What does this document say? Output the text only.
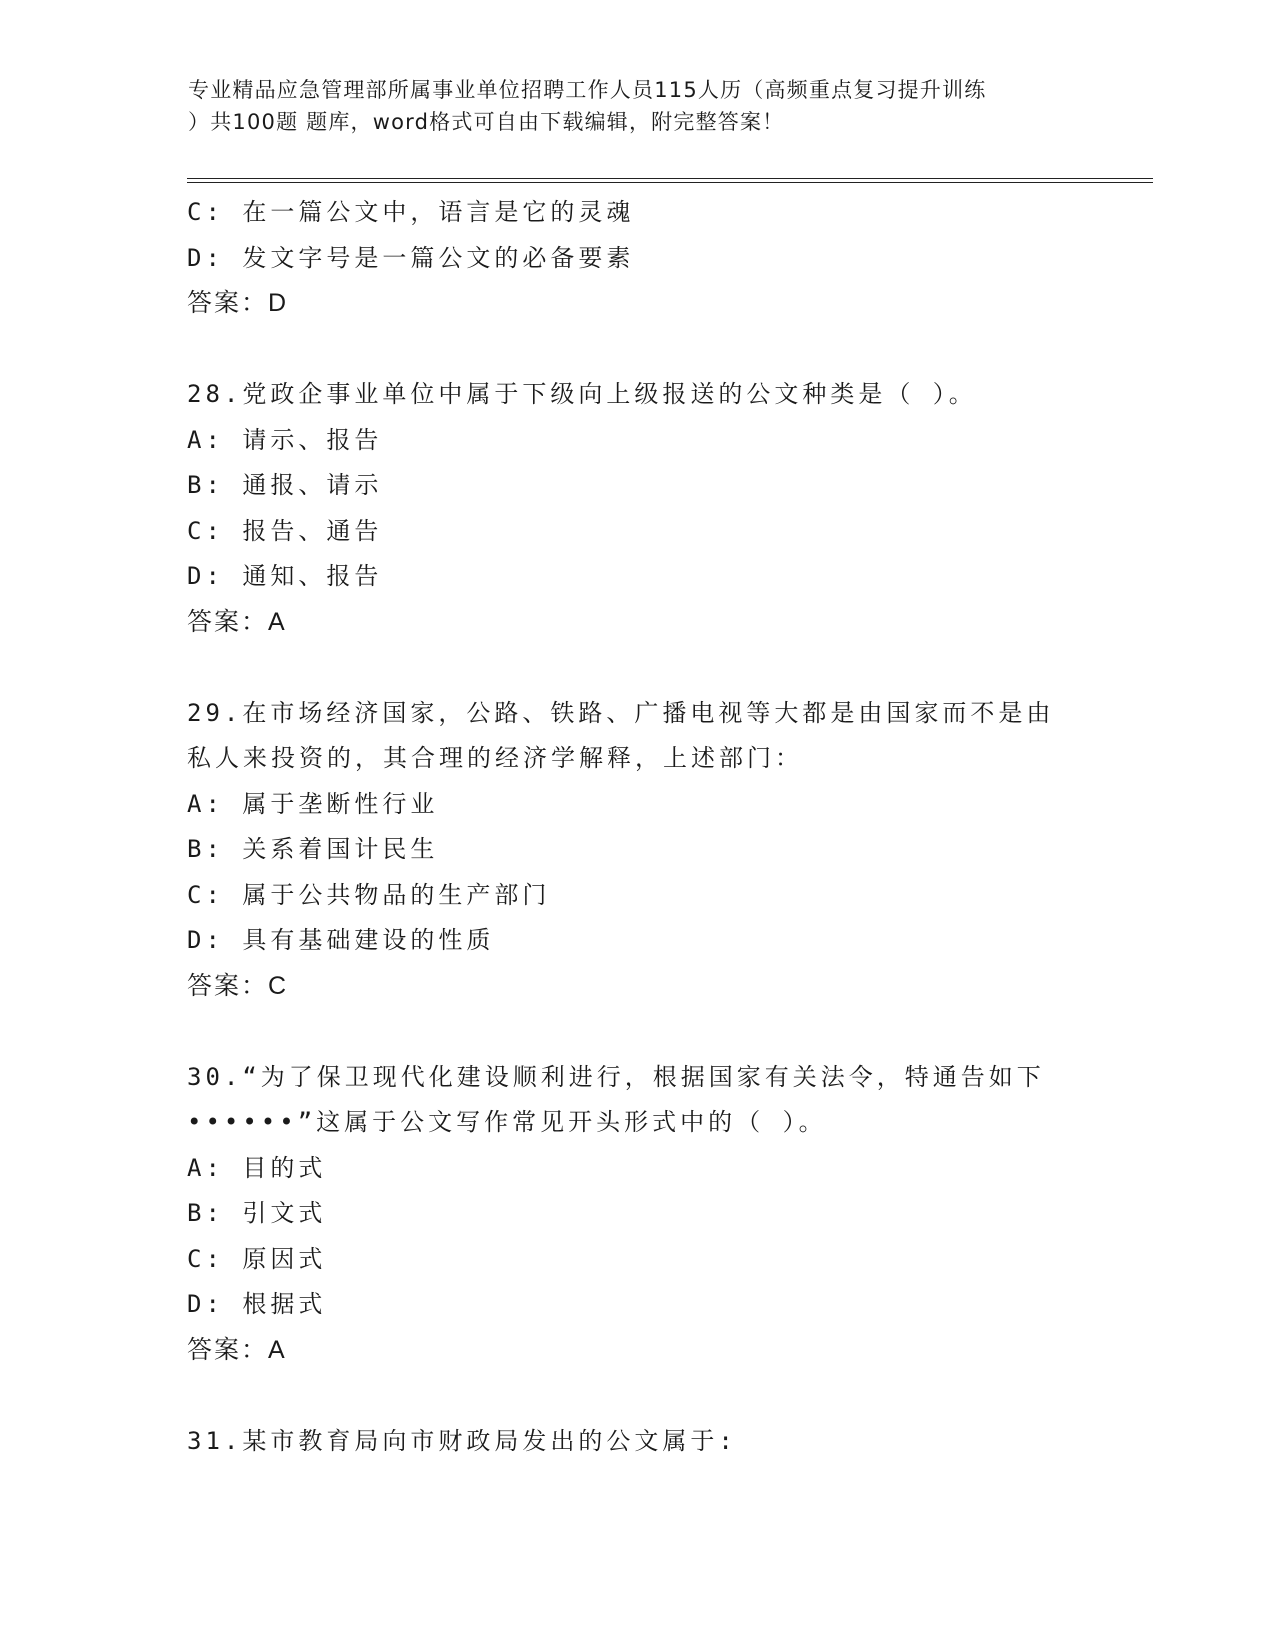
专业精品应急管理部所属事业单位招聘工作人员115人历（高频重点复习提升训练
）共100题 题库，word格式可自由下载编辑，附完整答案！
C: 在一篇公文中，语言是它的灵魂
D: 发文字号是一篇公文的必备要素
答案：D
28.党政企事业单位中属于下级向上级报送的公文种类是（ ）。
A: 请示、报告
B: 通报、请示
C: 报告、通告
D: 通知、报告
答案：A
29.在市场经济国家，公路、铁路、广播电视等大都是由国家而不是由
私人来投资的，其合理的经济学解释，上述部门：
A: 属于垄断性行业
B: 关系着国计民生
C: 属于公共物品的生产部门
D: 具有基础建设的性质
答案：C
30.“为了保卫现代化建设顺利进行，根据国家有关法令，特通告如下
••••••”这属于公文写作常见开头形式中的（ ）。
A: 目的式
B: 引文式
C: 原因式
D: 根据式
答案：A
31.某市教育局向市财政局发出的公文属于:
